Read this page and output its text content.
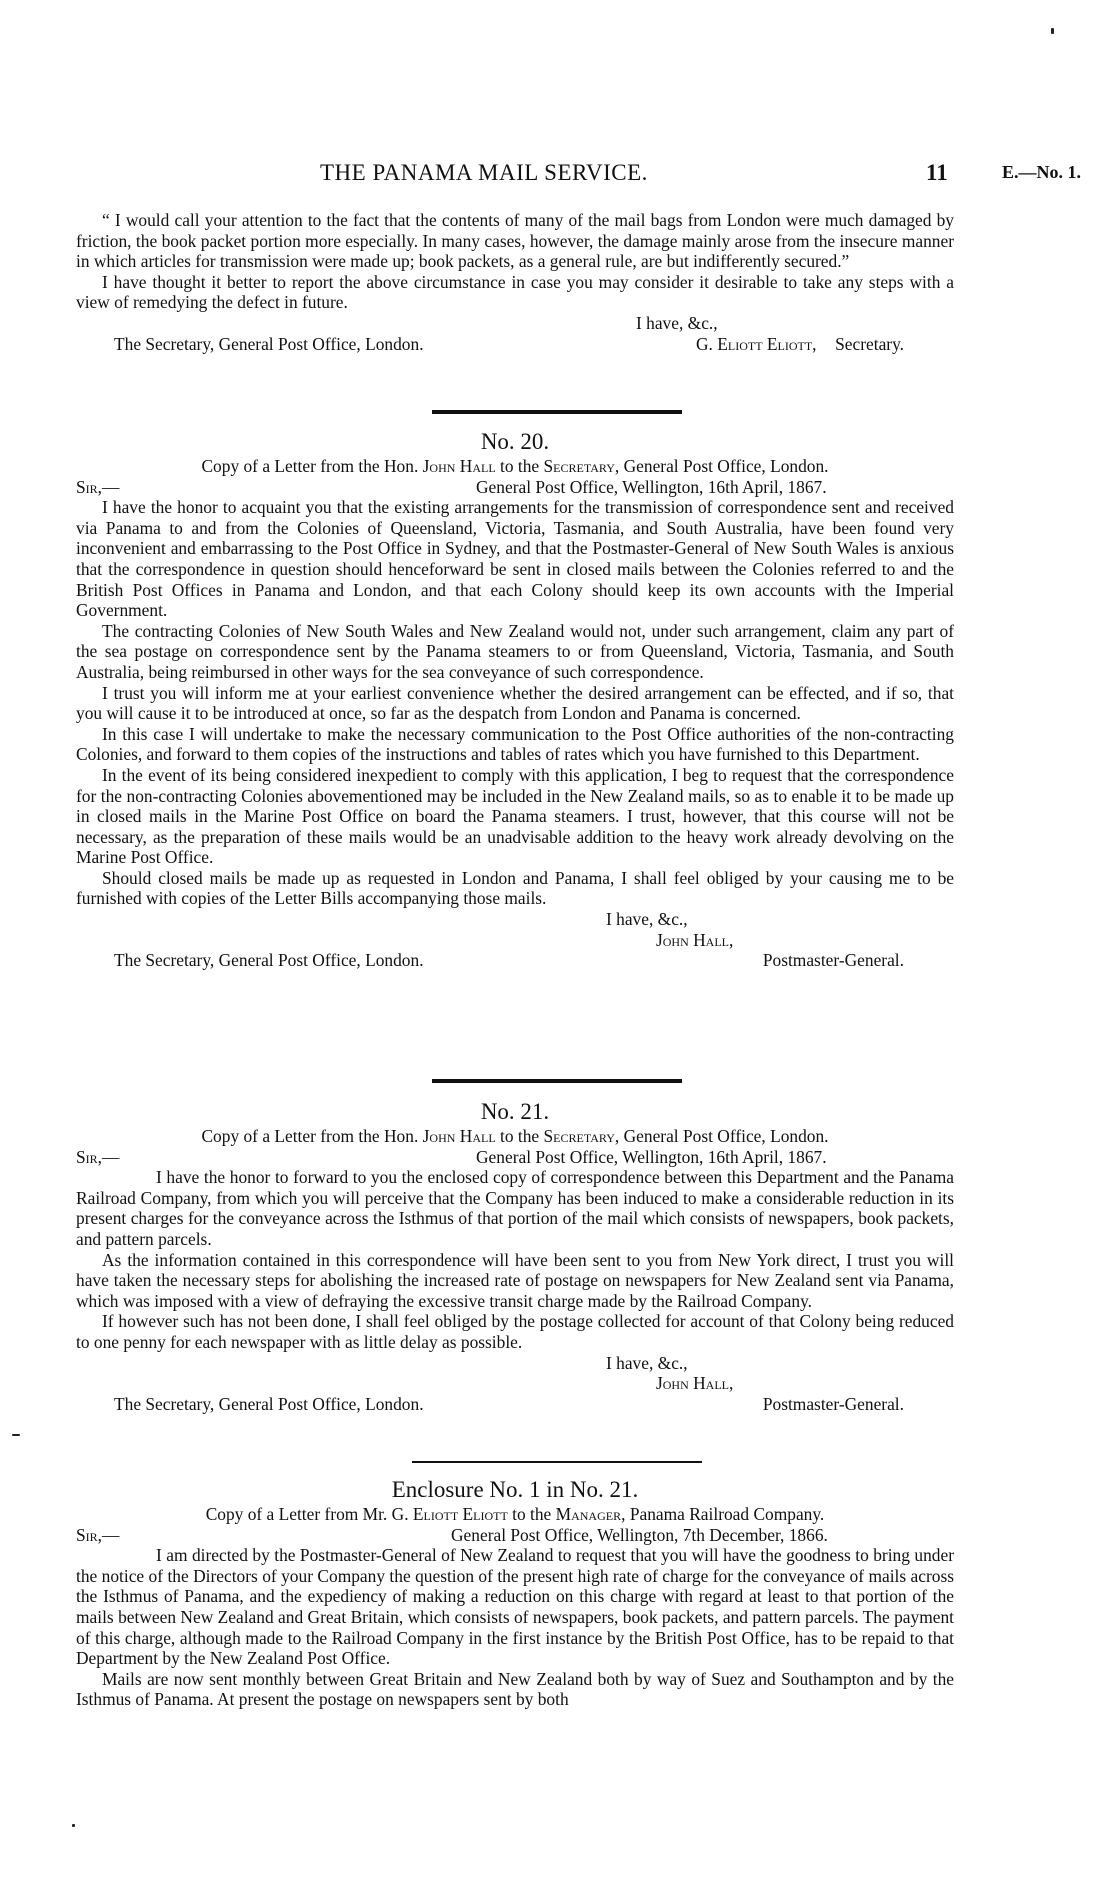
THE PANAMA MAIL SERVICE.	11	E.—No. 1.

“ I would call your attention to the fact that the contents of many of the mail bags from London were much damaged by friction, the book packet portion more especially. In many cases, however, the damage mainly arose from the insecure manner in which articles for transmission were made up; book packets, as a general rule, are but indifferently secured.”

I have thought it better to report the above circumstance in case you may consider it desirable to take any steps with a view of remedying the defect in future.

I have, &c.,

G. Eliott Eliott,

The Secretary, General Post Office, London.	Secretary.
No. 20.

Copy of a Letter from the Hon. John Hall to the Secretary, General Post Office, London.

Sir,—	General Post Office, Wellington, 16th April, 1867.

I have the honor to acquaint you that the existing arrangements for the transmission of correspondence sent and received via Panama to and from the Colonies of Queensland, Victoria, Tasmania, and South Australia, have been found very inconvenient and embarrassing to the Post Office in Sydney, and that the Postmaster-General of New South Wales is anxious that the correspondence in question should henceforward be sent in closed mails between the Colonies referred to and the British Post Offices in Panama and London, and that each Colony should keep its own accounts with the Imperial Government.

The contracting Colonies of New South Wales and New Zealand would not, under such arrangement, claim any part of the sea postage on correspondence sent by the Panama steamers to or from Queensland, Victoria, Tasmania, and South Australia, being reimbursed in other ways for the sea conveyance of such correspondence.

I trust you will inform me at your earliest convenience whether the desired arrangement can be effected, and if so, that you will cause it to be introduced at once, so far as the despatch from London and Panama is concerned.

In this case I will undertake to make the necessary communication to the Post Office authorities of the non-contracting Colonies, and forward to them copies of the instructions and tables of rates which you have furnished to this Department.

In the event of its being considered inexpedient to comply with this application, I beg to request that the correspondence for the non-contracting Colonies abovementioned may be included in the New Zealand mails, so as to enable it to be made up in closed mails in the Marine Post Office on board the Panama steamers. I trust, however, that this course will not be necessary, as the preparation of these mails would be an unadvisable addition to the heavy work already devolving on the Marine Post Office.

Should closed mails be made up as requested in London and Panama, I shall feel obliged by your causing me to be furnished with copies of the Letter Bills accompanying those mails.

I have, &c.,

John Hall,

The Secretary, General Post Office, London.	Postmaster-General.
No. 21.

Copy of a Letter from the Hon. John Hall to the Secretary, General Post Office, London.

Sir,—	General Post Office, Wellington, 16th April, 1867.

I have the honor to forward to you the enclosed copy of correspondence between this Department and the Panama Railroad Company, from which you will perceive that the Company has been induced to make a considerable reduction in its present charges for the conveyance across the Isthmus of that portion of the mail which consists of newspapers, book packets, and pattern parcels.

As the information contained in this correspondence will have been sent to you from New York direct, I trust you will have taken the necessary steps for abolishing the increased rate of postage on newspapers for New Zealand sent via Panama, which was imposed with a view of defraying the excessive transit charge made by the Railroad Company.

If however such has not been done, I shall feel obliged by the postage collected for account of that Colony being reduced to one penny for each newspaper with as little delay as possible.

I have, &c.,

John Hall,

The Secretary, General Post Office, London.	Postmaster-General.
Enclosure No. 1 in No. 21.

Copy of a Letter from Mr. G. Eliott Eliott to the Manager, Panama Railroad Company.

Sir,—	General Post Office, Wellington, 7th December, 1866.

I am directed by the Postmaster-General of New Zealand to request that you will have the goodness to bring under the notice of the Directors of your Company the question of the present high rate of charge for the conveyance of mails across the Isthmus of Panama, and the expediency of making a reduction on this charge with regard at least to that portion of the mails between New Zealand and Great Britain, which consists of newspapers, book packets, and pattern parcels. The payment of this charge, although made to the Railroad Company in the first instance by the British Post Office, has to be repaid to that Department by the New Zealand Post Office.

Mails are now sent monthly between Great Britain and New Zealand both by way of Suez and Southampton and by the Isthmus of Panama. At present the postage on newspapers sent by both
